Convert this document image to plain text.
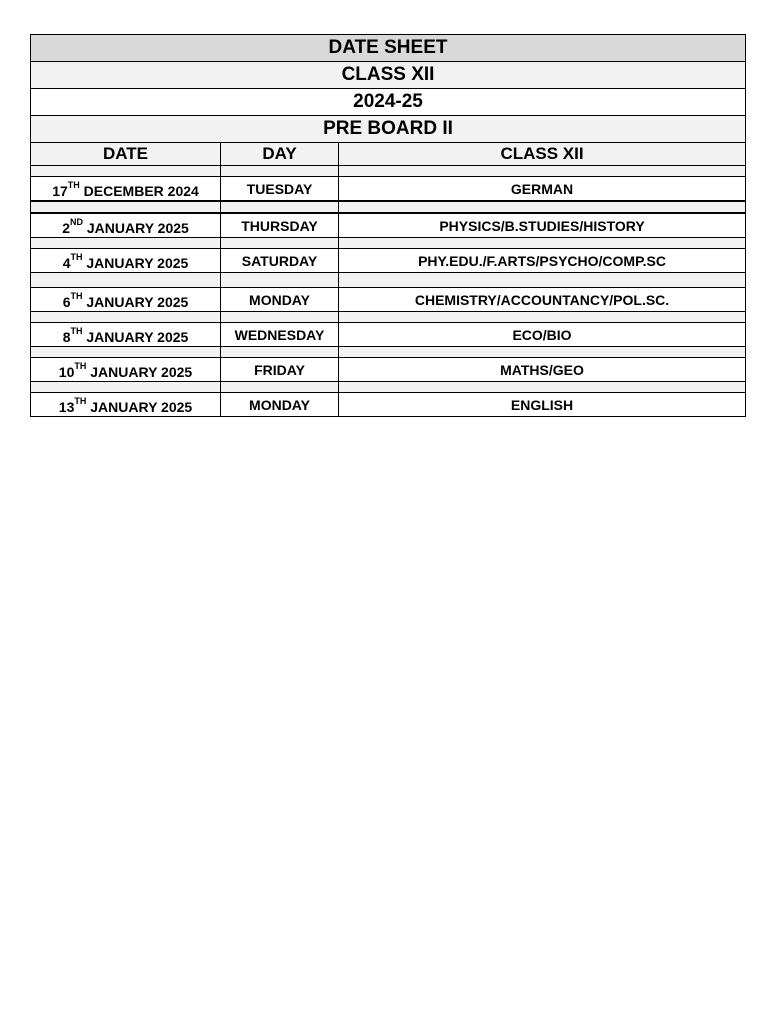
DATE SHEET		
CLASS XII		
2024-25		
PRE BOARD II		
DATE	DAY	CLASS XII

17TH DECEMBER 2024	TUESDAY	GERMAN

2ND JANUARY 2025	THURSDAY	PHYSICS/B.STUDIES/HISTORY

4TH JANUARY 2025	SATURDAY	PHY.EDU./F.ARTS/PSYCHO/COMP.SC

6TH JANUARY 2025	MONDAY	CHEMISTRY/ACCOUNTANCY/POL.SC.

8TH JANUARY 2025	WEDNESDAY	ECO/BIO

10TH JANUARY 2025	FRIDAY	MATHS/GEO

13TH JANUARY 2025	MONDAY	ENGLISH
